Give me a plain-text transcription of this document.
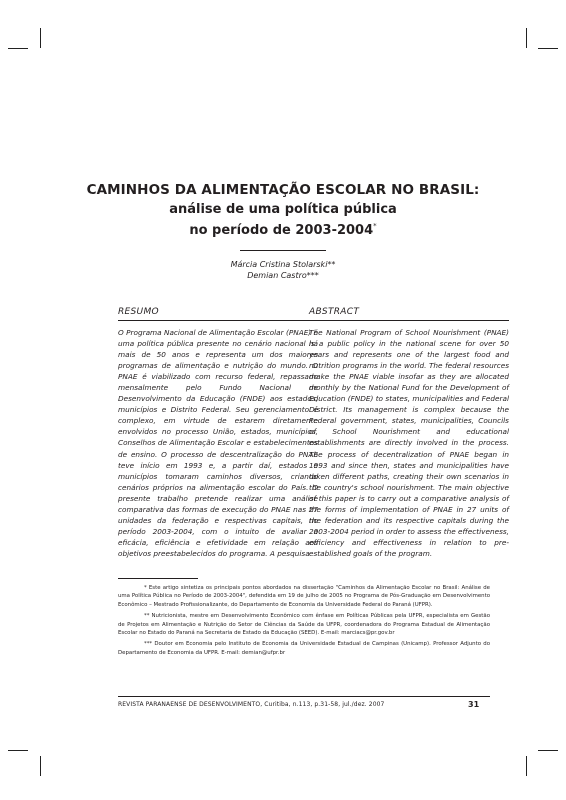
CAMINHOS DA ALIMENTAÇÃO ESCOLAR NO BRASIL:
análise de uma política pública
no período de 2003-2004*
Márcia Cristina Stolarski**
Demian Castro***
RESUMO

O Programa Nacional de Alimentação Escolar (PNAE) é uma política pública presente no cenário nacional há mais de 50 anos e representa um dos maiores programas de alimentação e nutrição do mundo. O PNAE é viabilizado com recurso federal, repassado mensalmente pelo Fundo Nacional de Desenvolvimento da Educação (FNDE) aos estados, municípios e Distrito Federal. Seu gerenciamento é complexo, em virtude de estarem diretamente envolvidos no processo União, estados, municípios, Conselhos de Alimentação Escolar e estabelecimentos de ensino. O processo de descentralização do PNAE teve início em 1993 e, a partir daí, estados e municípios tomaram caminhos diversos, criando cenários próprios na alimentação escolar do País. O presente trabalho pretende realizar uma análise comparativa das formas de execução do PNAE nas 27 unidades da federação e respectivas capitais, no período 2003-2004, com o intuito de avaliar a eficácia, eficiência e efetividade em relação aos objetivos preestabelecidos do programa. A pesquisa

ABSTRACT

The National Program of School Nourishment (PNAE) is a public policy in the national scene for over 50 years and represents one of the largest food and nutrition programs in the world. The federal resources make the PNAE viable insofar as they are allocated monthly by the National Fund for the Development of Education (FNDE) to states, municipalities and Federal District. Its management is complex because the Federal government, states, municipalities, Councils of School Nourishment and educational establishments are directly involved in the process. The process of decentralization of PNAE began in 1993 and since then, states and municipalities have taken different paths, creating their own scenarios in the country's school nourishment. The main objective of this paper is to carry out a comparative analysis of the forms of implementation of PNAE in 27 units of the federation and its respective capitals during the 2003-2004 period in order to assess the effectiveness, efficiency and effectiveness in relation to pre-established goals of the program.

* Este artigo sintetiza os principais pontos abordados na dissertação "Caminhos da Alimentação Escolar no Brasil: Análise de uma Política Pública no Período de 2003-2004", defendida em 19 de julho de 2005 no Programa de Pós-Graduação em Desenvolvimento Econômico – Mestrado Profissionalizante, do Departamento de Economia da Universidade Federal do Paraná (UFPR).

** Nutricionista, mestre em Desenvolvimento Econômico com ênfase em Políticas Públicas pela UFPR, especialista em Gestão de Projetos em Alimentação e Nutrição do Setor de Ciências da Saúde da UFPR, coordenadora do Programa Estadual de Alimentação Escolar no Estado do Paraná na Secretaria de Estado da Educação (SEED). E-mail: marciacs@pr.gov.br

*** Doutor em Economia pelo Instituto de Economia da Universidade Estadual de Campinas (Unicamp). Professor Adjunto do Departamento de Economia da UFPR. E-mail: demian@ufpr.br

REVISTA PARANAENSE DE DESENVOLVIMENTO, Curitiba, n.113, p.31-58, jul./dez. 2007	31
